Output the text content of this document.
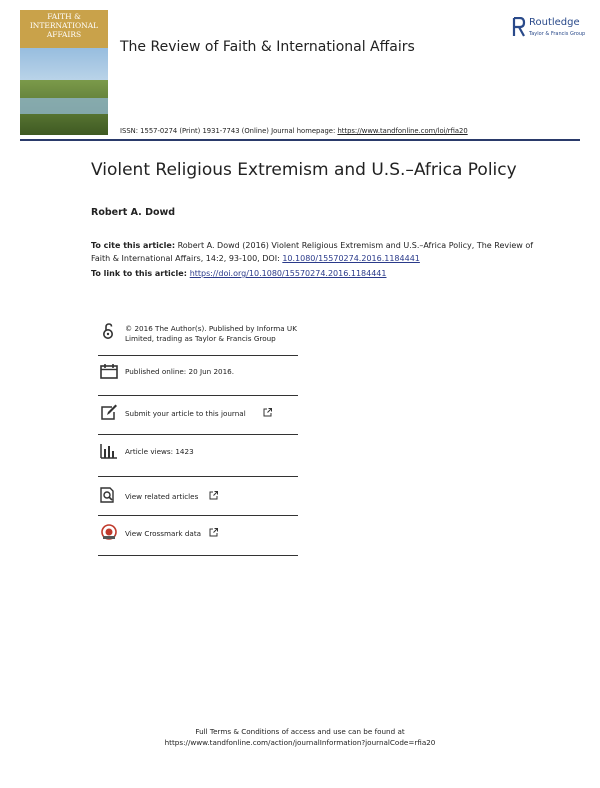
FAITH &
INTERNATIONAL
AFFAIRS
The Review of Faith & International Affairs
Routledge
Taylor & Francis Group
ISSN: 1557-0274 (Print) 1931-7743 (Online) Journal homepage: https://www.tandfonline.com/loi/rfia20
Violent Religious Extremism and U.S.–Africa Policy
Robert A. Dowd
To cite this article: Robert A. Dowd (2016) Violent Religious Extremism and U.S.–Africa Policy, The Review of Faith & International Affairs, 14:2, 93-100, DOI: 10.1080/15570274.2016.1184441
To link to this article: https://doi.org/10.1080/15570274.2016.1184441
© 2016 The Author(s). Published by Informa UK Limited, trading as Taylor & Francis Group
Published online: 20 Jun 2016.
Submit your article to this journal
Article views: 1423
View related articles
View Crossmark data
Full Terms & Conditions of access and use can be found at
https://www.tandfonline.com/action/journalInformation?journalCode=rfia20
